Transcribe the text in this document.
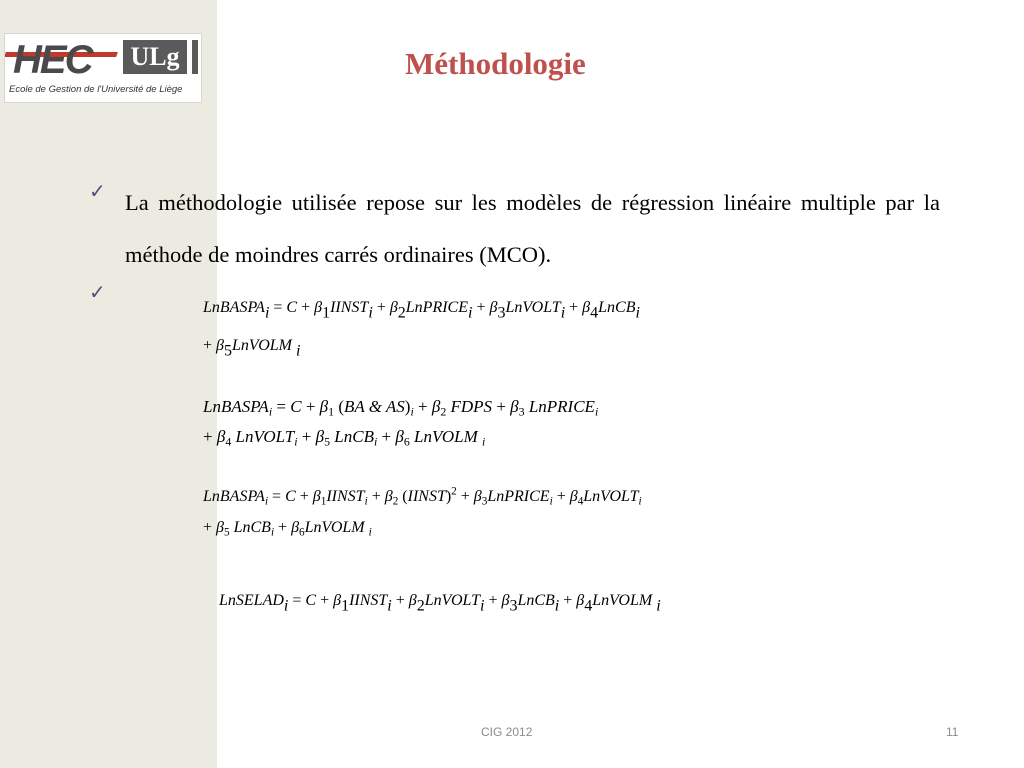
HEC ULg
Ecole de Gestion de l'Université de Liège
Méthodologie
✓ La méthodologie utilisée repose sur les modèles de régression linéaire multiple par la méthode de moindres carrés ordinaires (MCO).
✓
LnBASPAi = C + β1IINSTi + β2LnPRICEi + β3LnVOLTi + β4LnCBi
+ β5LnVOLM i
LnBASPA$_i$ = $C + \beta_1$ (BA & $AS)_i + \beta_2$ FDPS + $\beta_3$ LnPRICE$_i$
+ $\beta_4$ LnVOLT$_i$ + $\beta_5$ LnCB$_i$ + $\beta_6$ LnVOLM $_i$
LnBASPA$_i$ = $C + \beta_1IINST_i + \beta_2$ (IINST)$^2$ + $\beta_3LnPRICE_i$ + $\beta_4LnVOLT_i$
+ $\beta_5$ LnCB$_i$ + $\beta_6LnVOLM$ $_i$
LnSELADi = C + β1IINSTi + β2LnVOLTi + β3LnCBi + β4LnVOLM i
CIG 2012	11
